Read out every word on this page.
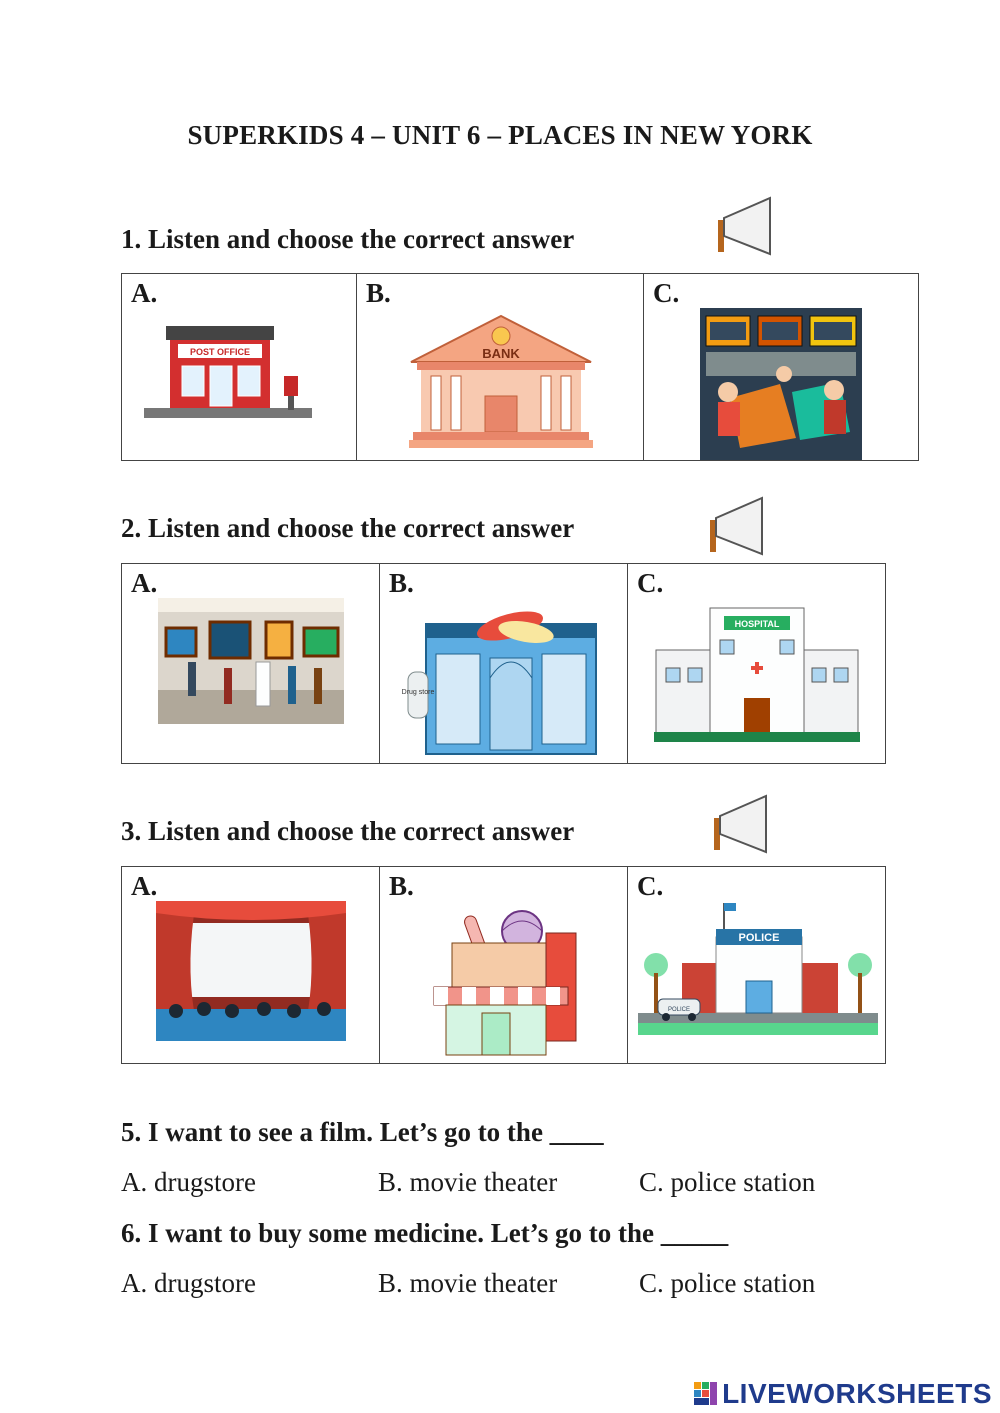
SUPERKIDS 4 – UNIT 6 – PLACES IN NEW YORK
1. Listen and choose the correct answer
A.
POST OFFICE

B.
BANK

C.
2. Listen and choose the correct answer
A.	B.
Drug store

C.
HOSPITAL
3. Listen and choose the correct answer
A.	B.	C.
POLICE
POLICE
5. I want to see a film. Let’s go to the ____
A. drugstore	B. movie theater	C. police station
6. I want to buy some medicine. Let’s go to the _____
A. drugstore	B. movie theater	C. police station
LIVEWORKSHEETS
